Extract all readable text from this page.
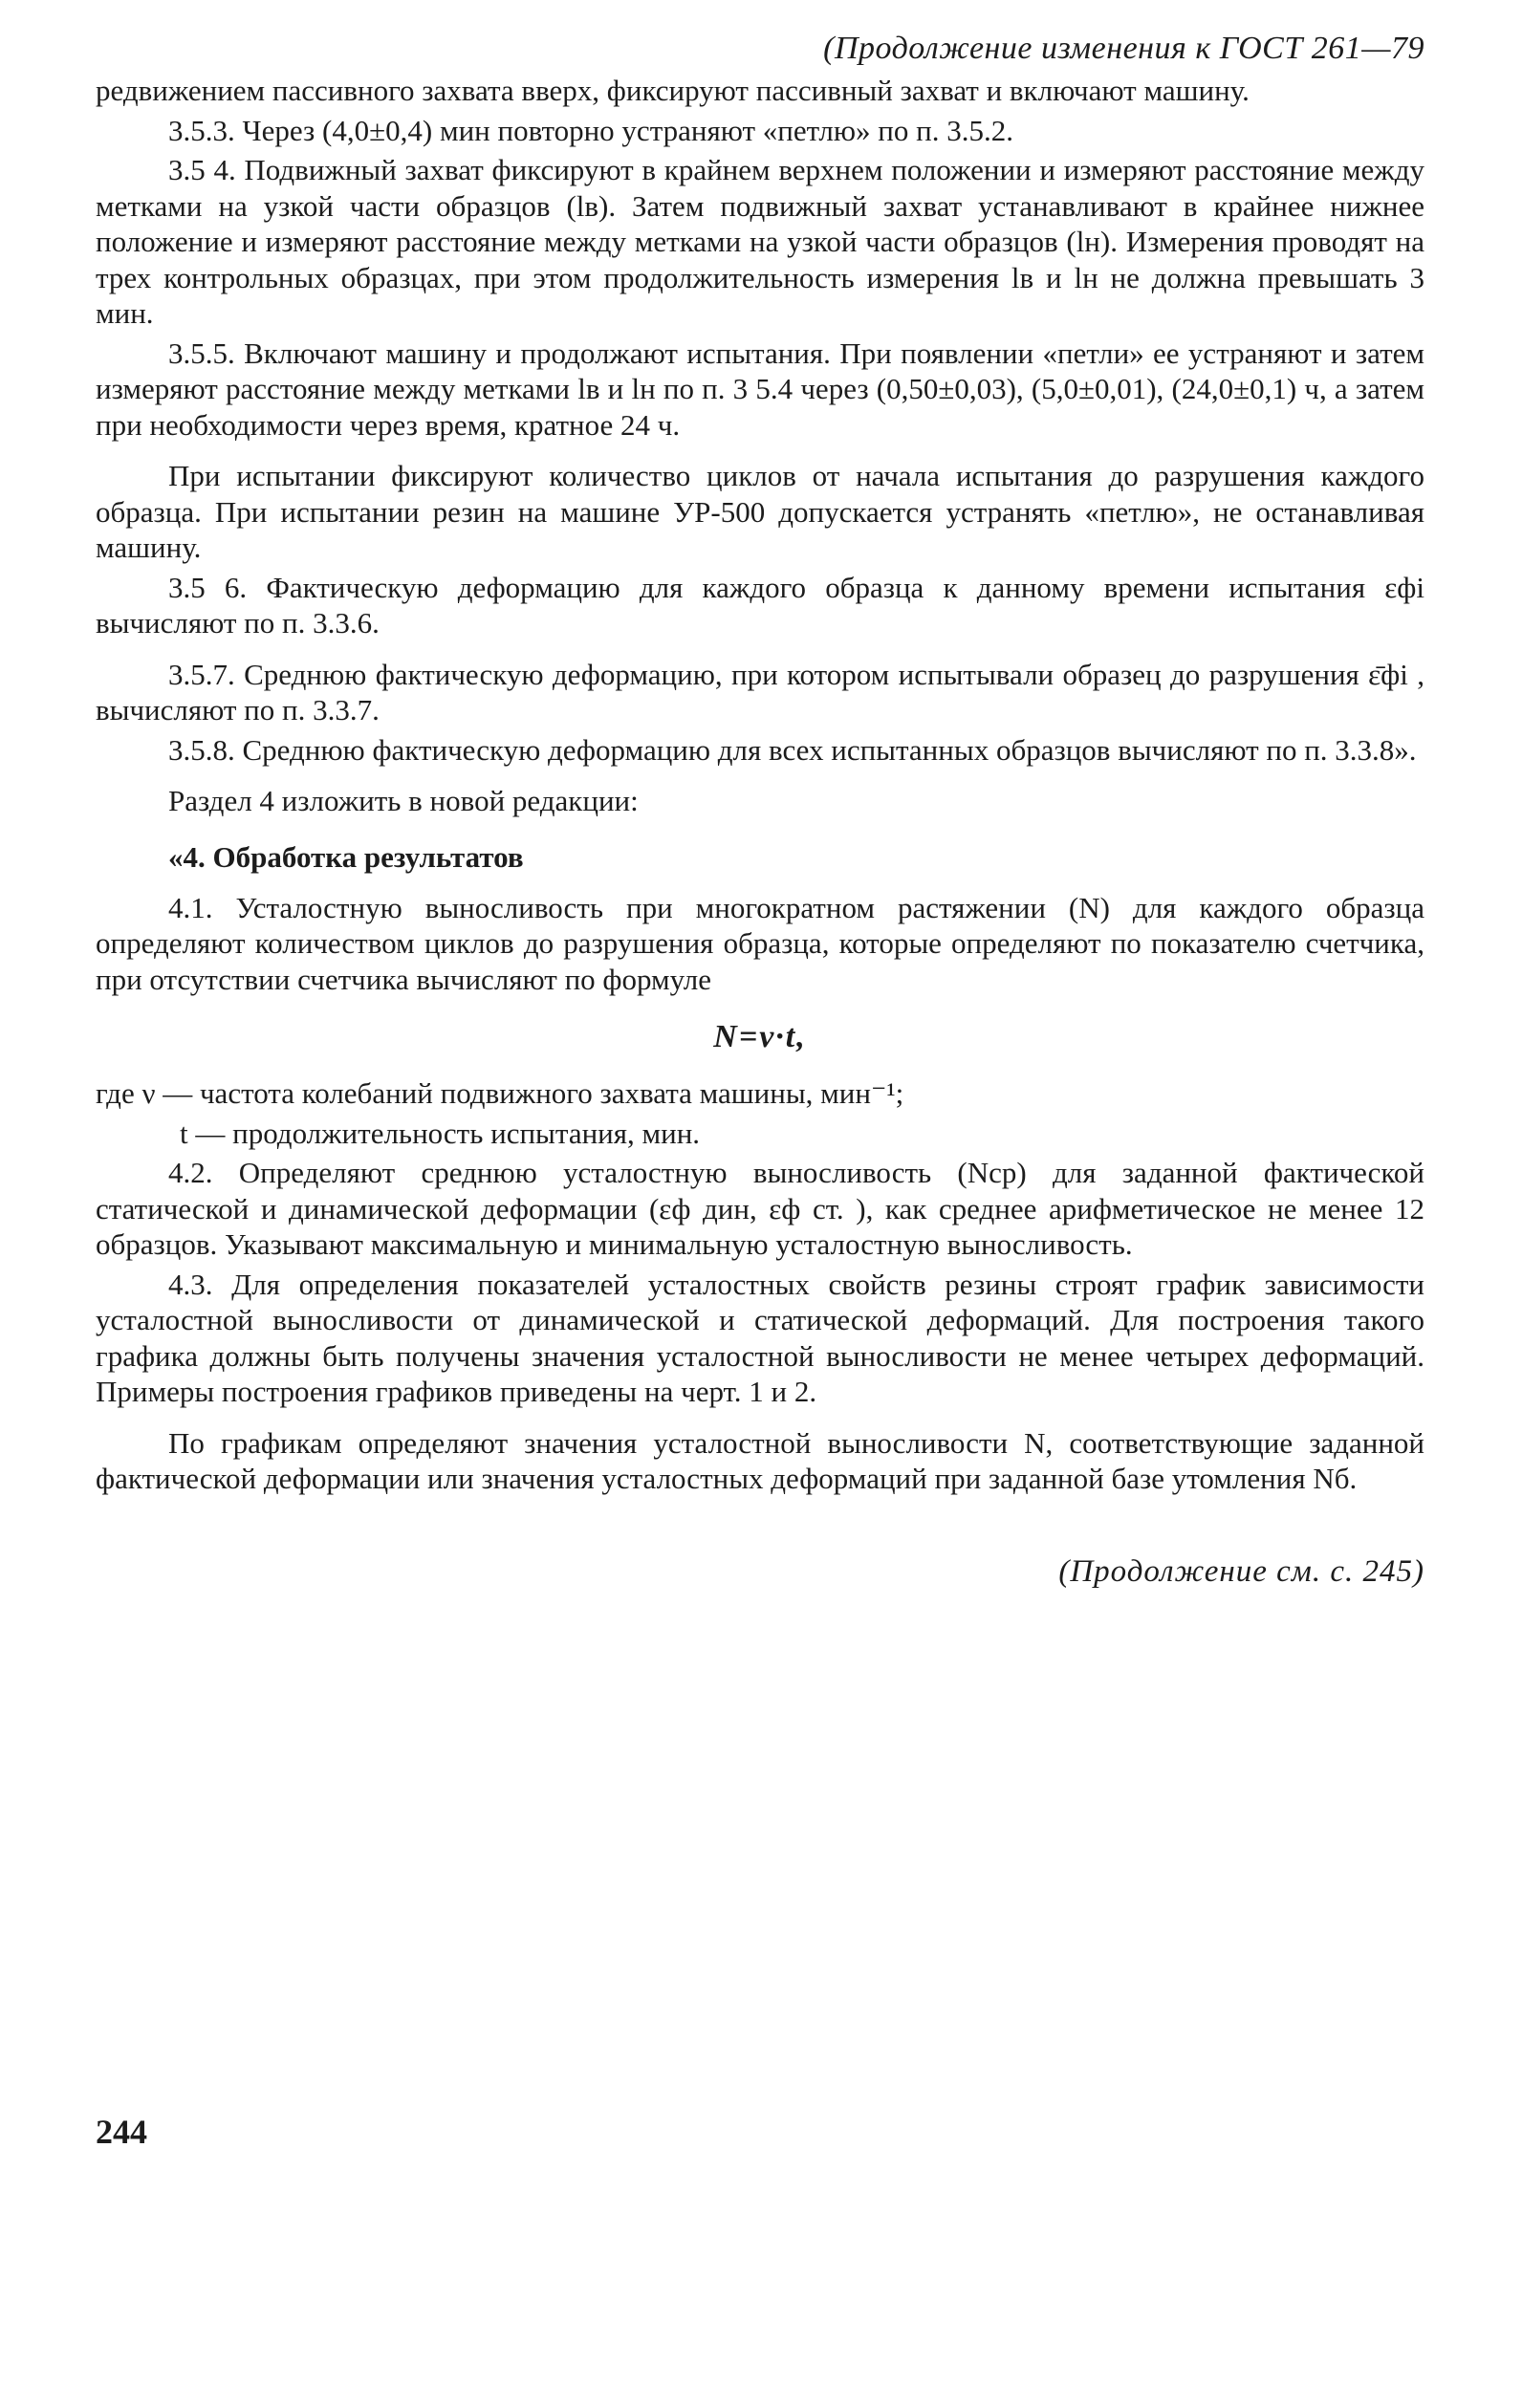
(Продолжение изменения к ГОСТ 261—79

редвижением пассивного захвата вверх, фиксируют пассивный захват и включают машину.

3.5.3. Через (4,0±0,4) мин повторно устраняют «петлю» по п. 3.5.2.

3.5 4. Подвижный захват фиксируют в крайнем верхнем положении и измеряют расстояние между метками на узкой части образцов (lв). Затем подвижный захват устанавливают в крайнее нижнее положение и измеряют расстояние между метками на узкой части образцов (lн). Измерения проводят на трех контрольных образцах, при этом продолжительность измерения lв и lн не должна превышать 3 мин.

3.5.5. Включают машину и продолжают испытания. При появлении «петли» ее устраняют и затем измеряют расстояние между метками lв и lн по п. 3 5.4 через (0,50±0,03), (5,0±0,01), (24,0±0,1) ч, а затем при необходимости через время, кратное 24 ч.

При испытании фиксируют количество циклов от начала испытания до разрушения каждого образца. При испытании резин на машине УР-500 допускается устранять «петлю», не останавливая машину.

3.5 6. Фактическую деформацию для каждого образца к данному времени испытания εфi вычисляют по п. 3.3.6.

3.5.7. Среднюю фактическую деформацию, при котором испытывали образец до разрушения ε̄фi , вычисляют по п. 3.3.7.

3.5.8. Среднюю фактическую деформацию для всех испытанных образцов вычисляют по п. 3.3.8».

Раздел 4 изложить в новой редакции:

«4. Обработка результатов

4.1. Усталостную выносливость при многократном растяжении (N) для каждого образца определяют количеством циклов до разрушения образца, которые определяют по показателю счетчика, при отсутствии счетчика вычисляют по формуле

N=ν·t,

где ν — частота колебаний подвижного захвата машины, мин⁻¹;

t — продолжительность испытания, мин.

4.2. Определяют среднюю усталостную выносливость (Nср) для заданной фактической статической и динамической деформации (εф дин, εф ст. ), как среднее арифметическое не менее 12 образцов. Указывают максимальную и минимальную усталостную выносливость.

4.3. Для определения показателей усталостных свойств резины строят график зависимости усталостной выносливости от динамической и статической деформаций. Для построения такого графика должны быть получены значения усталостной выносливости не менее четырех деформаций. Примеры построения графиков приведены на черт. 1 и 2.

По графикам определяют значения усталостной выносливости N, соответствующие заданной фактической деформации или значения усталостных деформаций при заданной базе утомления Nб.

(Продолжение см. с. 245)
244
